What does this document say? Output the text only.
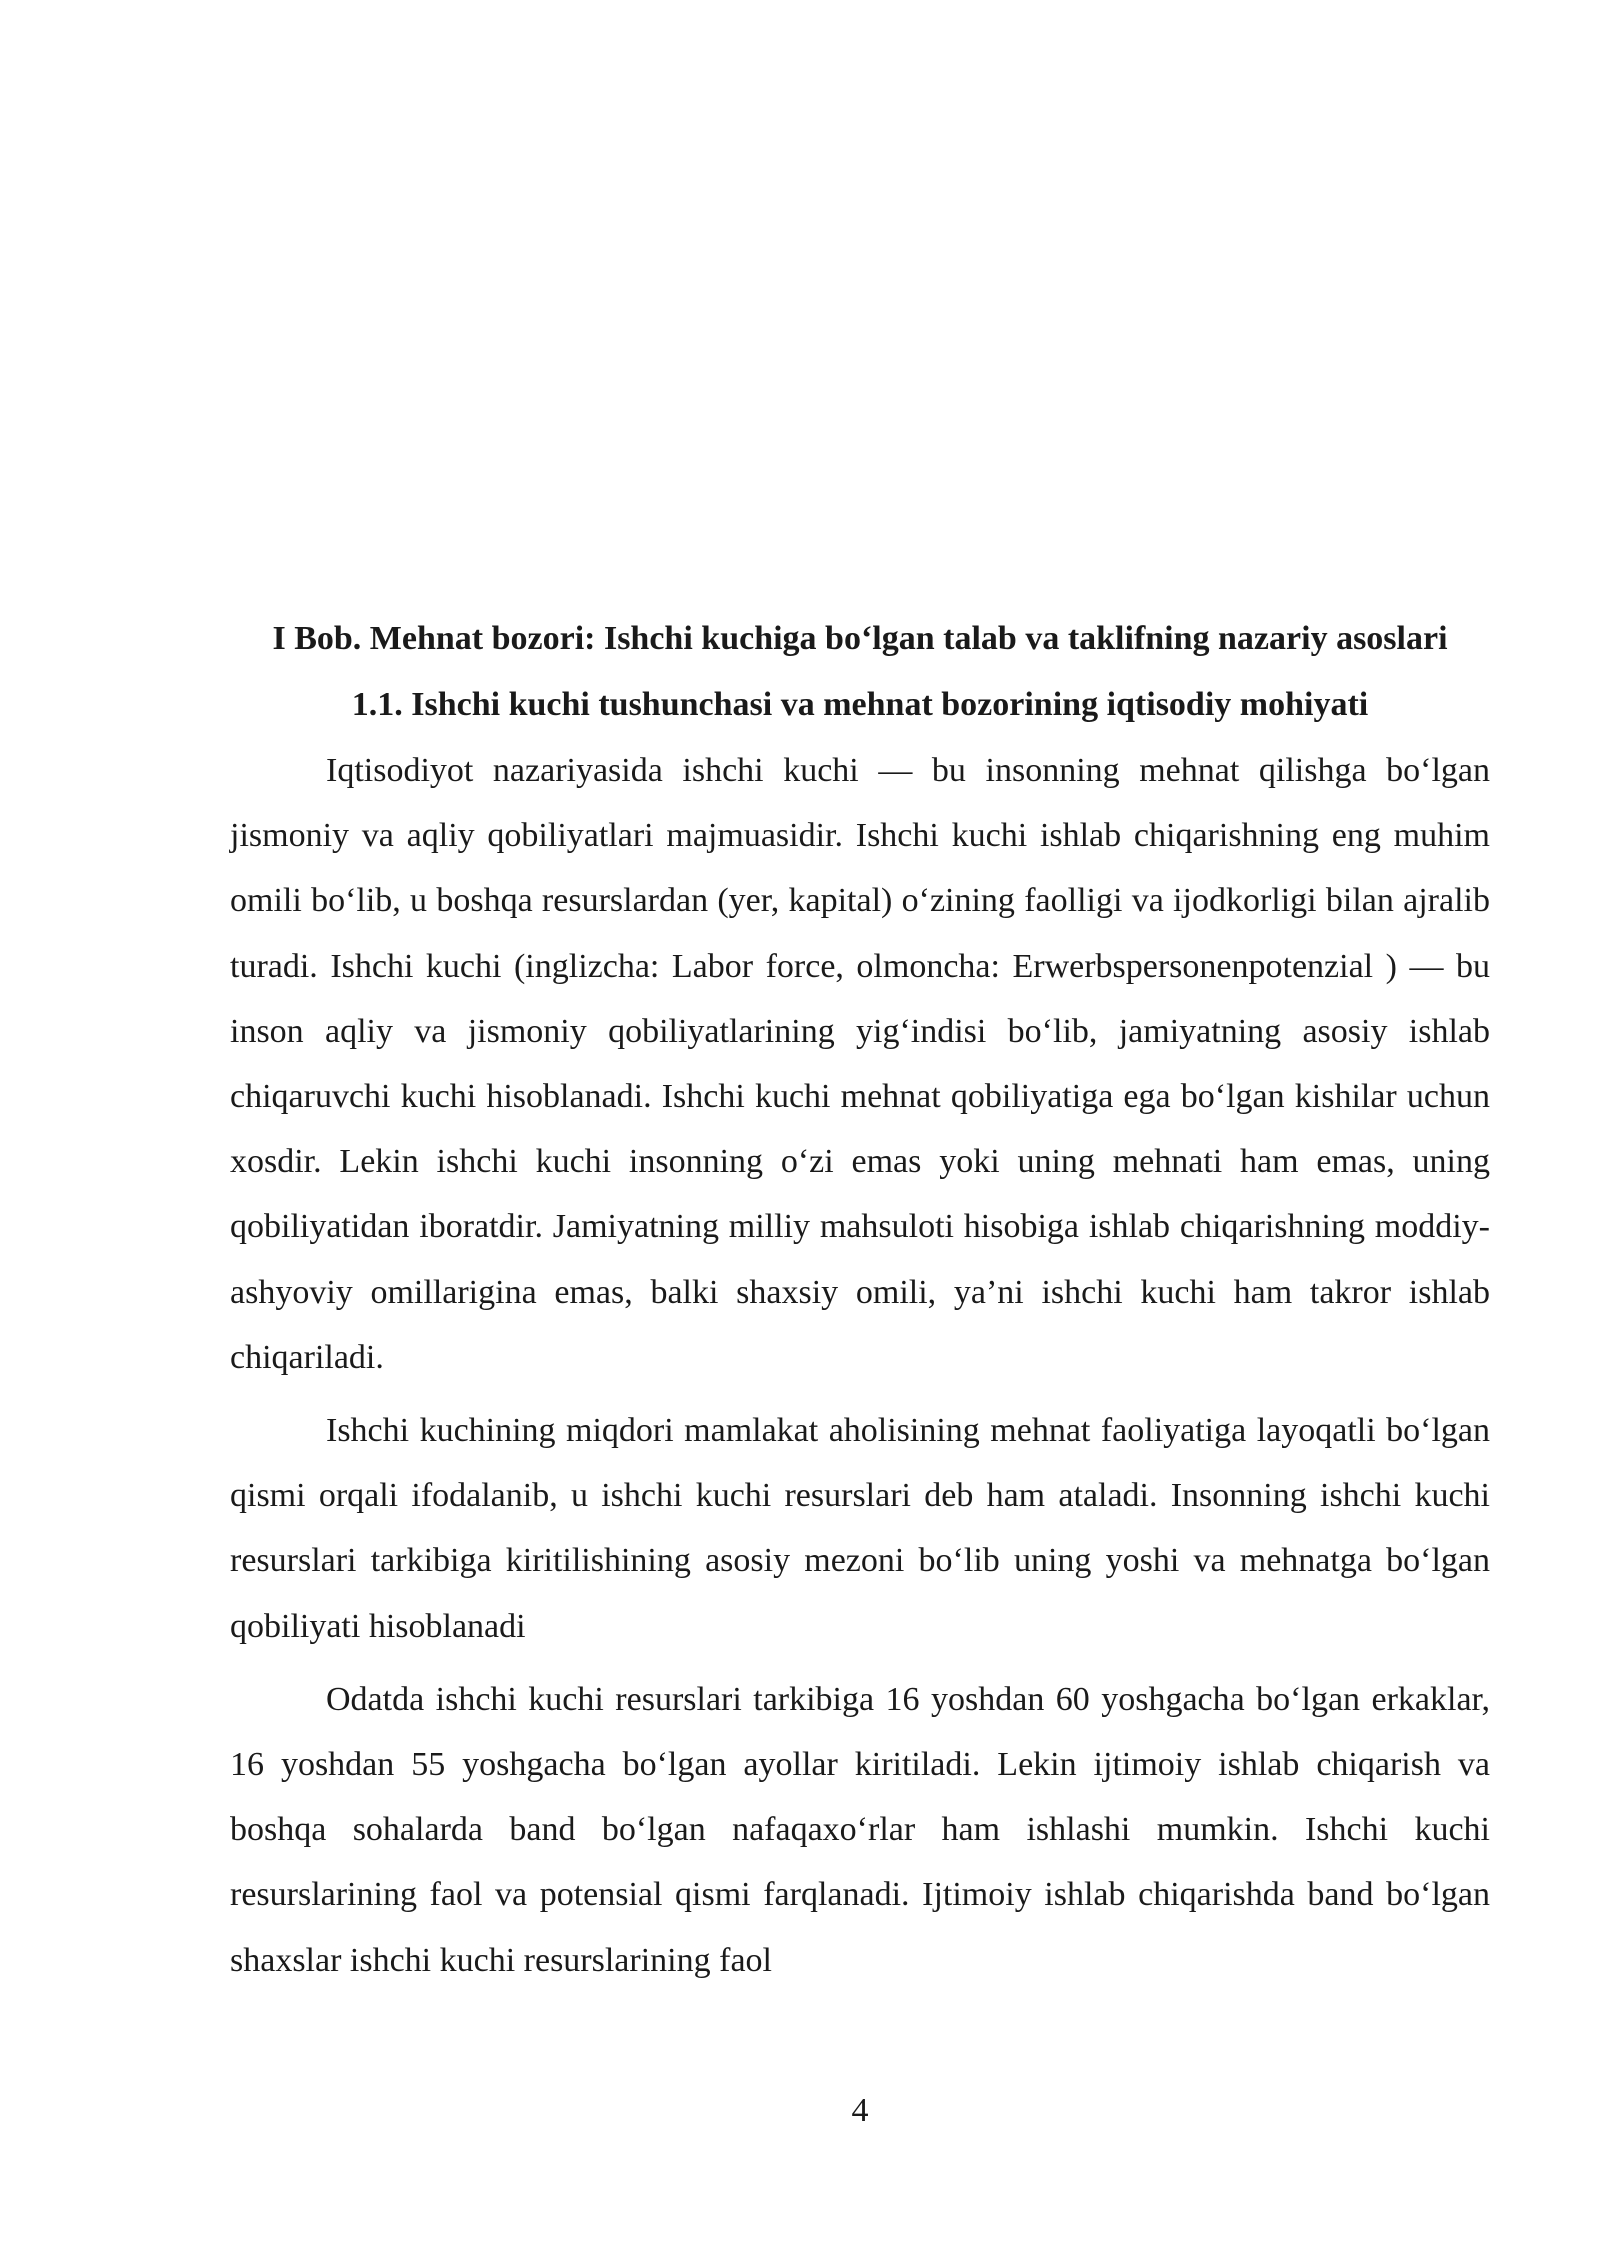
I Bob. Mehnat bozori: Ishchi kuchiga bo‘lgan talab va taklifning nazariy asoslari
1.1. Ishchi kuchi tushunchasi va mehnat bozorining iqtisodiy mohiyati

Iqtisodiyot nazariyasida ishchi kuchi — bu insonning mehnat qilishga bo‘lgan jismoniy va aqliy qobiliyatlari majmuasidir. Ishchi kuchi ishlab chiqarishning eng muhim omili bo‘lib, u boshqa resurslardan (yer, kapital) o‘zining faolligi va ijodkorligi bilan ajralib turadi. Ishchi kuchi (inglizcha: Labor force, olmoncha: Erwerbspersonenpotenzial ) — bu inson aqliy va jismoniy qobiliyatlarining yig‘indisi bo‘lib, jamiyatning asosiy ishlab chiqaruvchi kuchi hisoblanadi. Ishchi kuchi mehnat qobiliyatiga ega bo‘lgan kishilar uchun xosdir. Lekin ishchi kuchi insonning o‘zi emas yoki uning mehnati ham emas, uning qobiliyatidan iboratdir. Jamiyatning milliy mahsuloti hisobiga ishlab chiqarishning moddiy-ashyoviy omillarigina emas, balki shaxsiy omili, ya’ni ishchi kuchi ham takror ishlab chiqariladi.

Ishchi kuchining miqdori mamlakat aholisining mehnat faoliyatiga layoqatli bo‘lgan qismi orqali ifodalanib, u ishchi kuchi resurslari deb ham ataladi. Insonning ishchi kuchi resurslari tarkibiga kiritilishining asosiy mezoni bo‘lib uning yoshi va mehnatga bo‘lgan qobiliyati hisoblanadi

Odatda ishchi kuchi resurslari tarkibiga 16 yoshdan 60 yoshgacha bo‘lgan erkaklar, 16 yoshdan 55 yoshgacha bo‘lgan ayollar kiritiladi. Lekin ijtimoiy ishlab chiqarish va boshqa sohalarda band bo‘lgan nafaqaxo‘rlar ham ishlashi mumkin. Ishchi kuchi resurslarining faol va potensial qismi farqlanadi. Ijtimoiy ishlab chiqarishda band bo‘lgan shaxslar ishchi kuchi resurslarining faol

4
